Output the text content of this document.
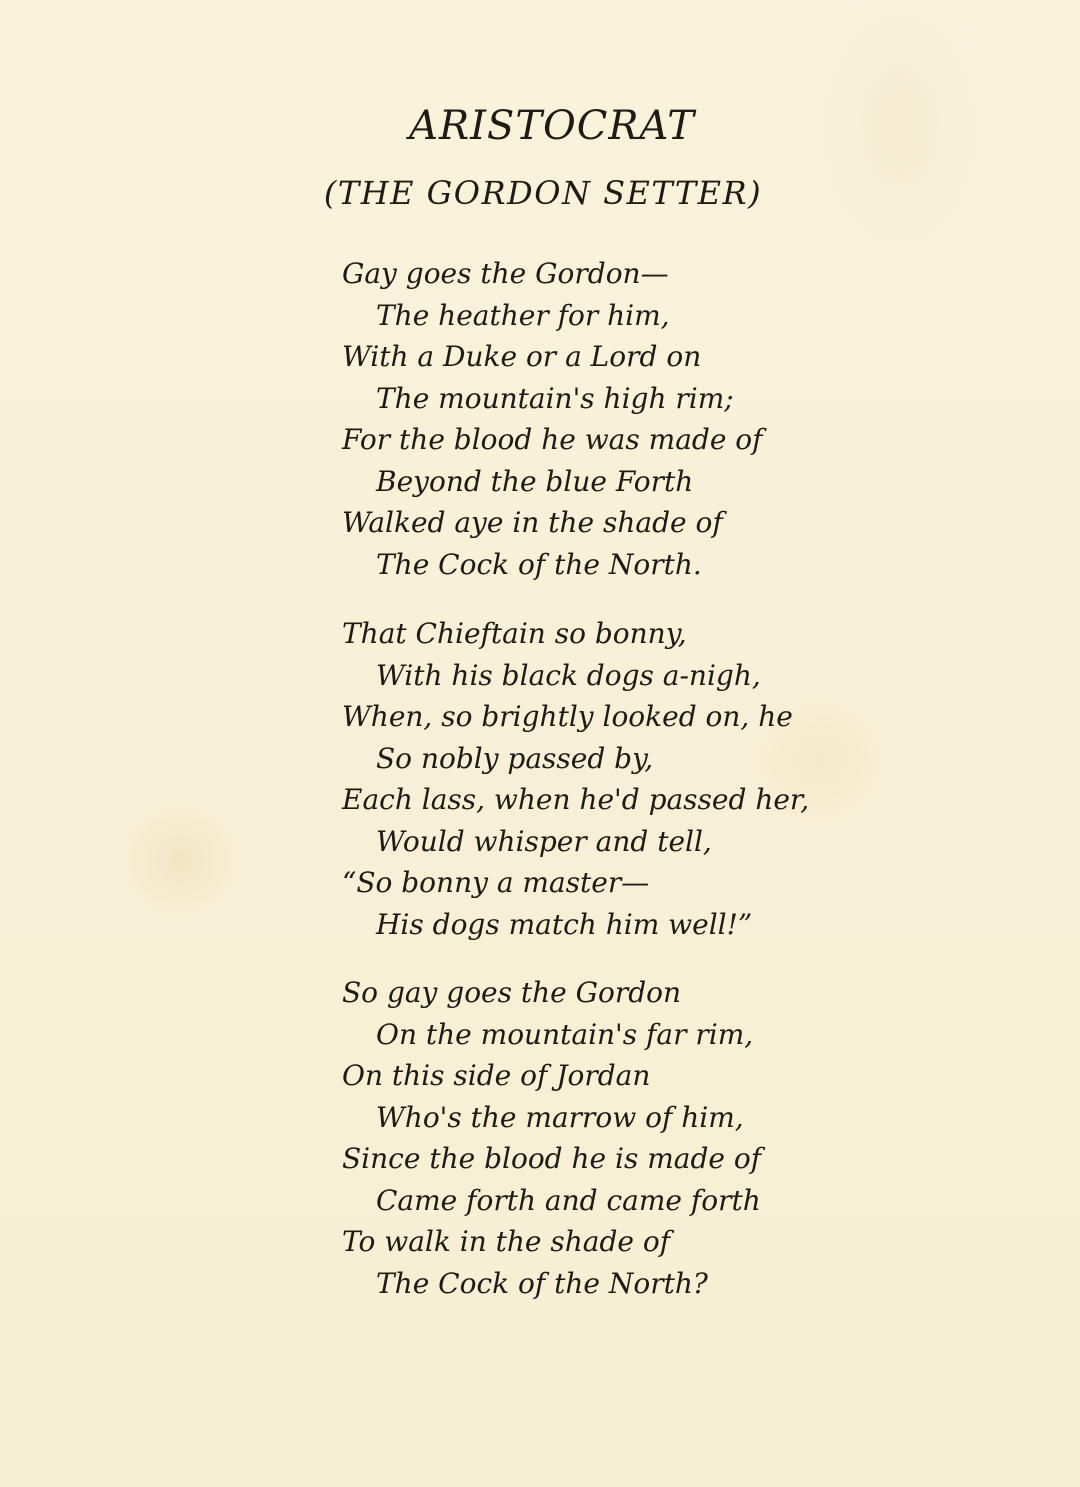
ARISTOCRAT
(THE GORDON SETTER)
Gay goes the Gordon—
The heather for him,
With a Duke or a Lord on
The mountain's high rim;
For the blood he was made of
Beyond the blue Forth
Walked aye in the shade of
The Cock of the North.
That Chieftain so bonny,
With his black dogs a-nigh,
When, so brightly looked on, he
So nobly passed by,
Each lass, when he'd passed her,
Would whisper and tell,
“So bonny a master—
His dogs match him well!”
So gay goes the Gordon
On the mountain's far rim,
On this side of Jordan
Who's the marrow of him,
Since the blood he is made of
Came forth and came forth
To walk in the shade of
The Cock of the North?
